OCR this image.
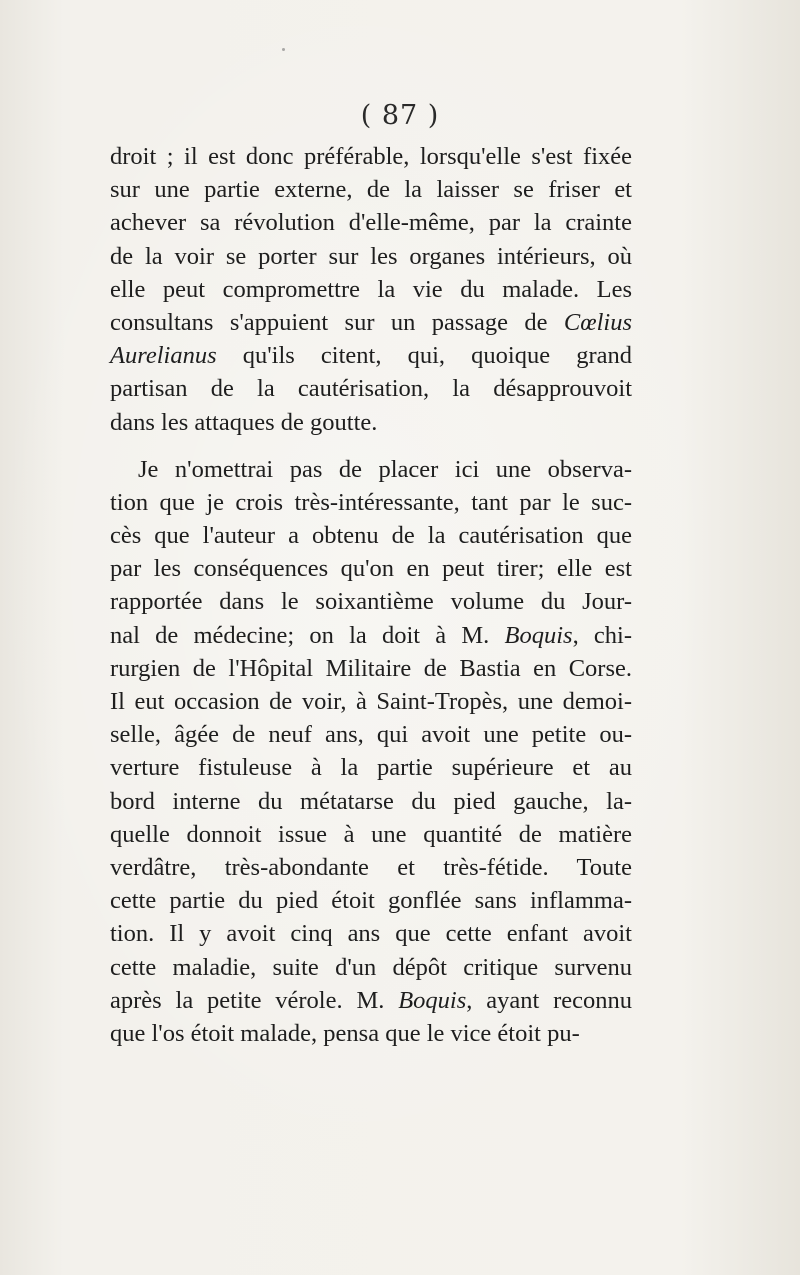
( 87 )
droit ; il est donc préférable, lorsqu'elle s'est fixée
sur une partie externe, de la laisser se friser et
achever sa révolution d'elle-même, par la crainte
de la voir se porter sur les organes intérieurs, où
elle peut compromettre la vie du malade. Les
consultans s'appuient sur un passage de Cœlius
Aurelianus qu'ils citent, qui, quoique grand
partisan de la cautérisation, la désapprouvoit
dans les attaques de goutte.
Je n'omettrai pas de placer ici une observa-
tion que je crois très-intéressante, tant par le suc-
cès que l'auteur a obtenu de la cautérisation que
par les conséquences qu'on en peut tirer; elle est
rapportée dans le soixantième volume du Jour-
nal de médecine; on la doit à M. Boquis, chi-
rurgien de l'Hôpital Militaire de Bastia en Corse.
Il eut occasion de voir, à Saint-Tropès, une demoi-
selle, âgée de neuf ans, qui avoit une petite ou-
verture fistuleuse à la partie supérieure et au
bord interne du métatarse du pied gauche, la-
quelle donnoit issue à une quantité de matière
verdâtre, très-abondante et très-fétide. Toute
cette partie du pied étoit gonflée sans inflamma-
tion. Il y avoit cinq ans que cette enfant avoit
cette maladie, suite d'un dépôt critique survenu
après la petite vérole. M. Boquis, ayant reconnu
que l'os étoit malade, pensa que le vice étoit pu-
